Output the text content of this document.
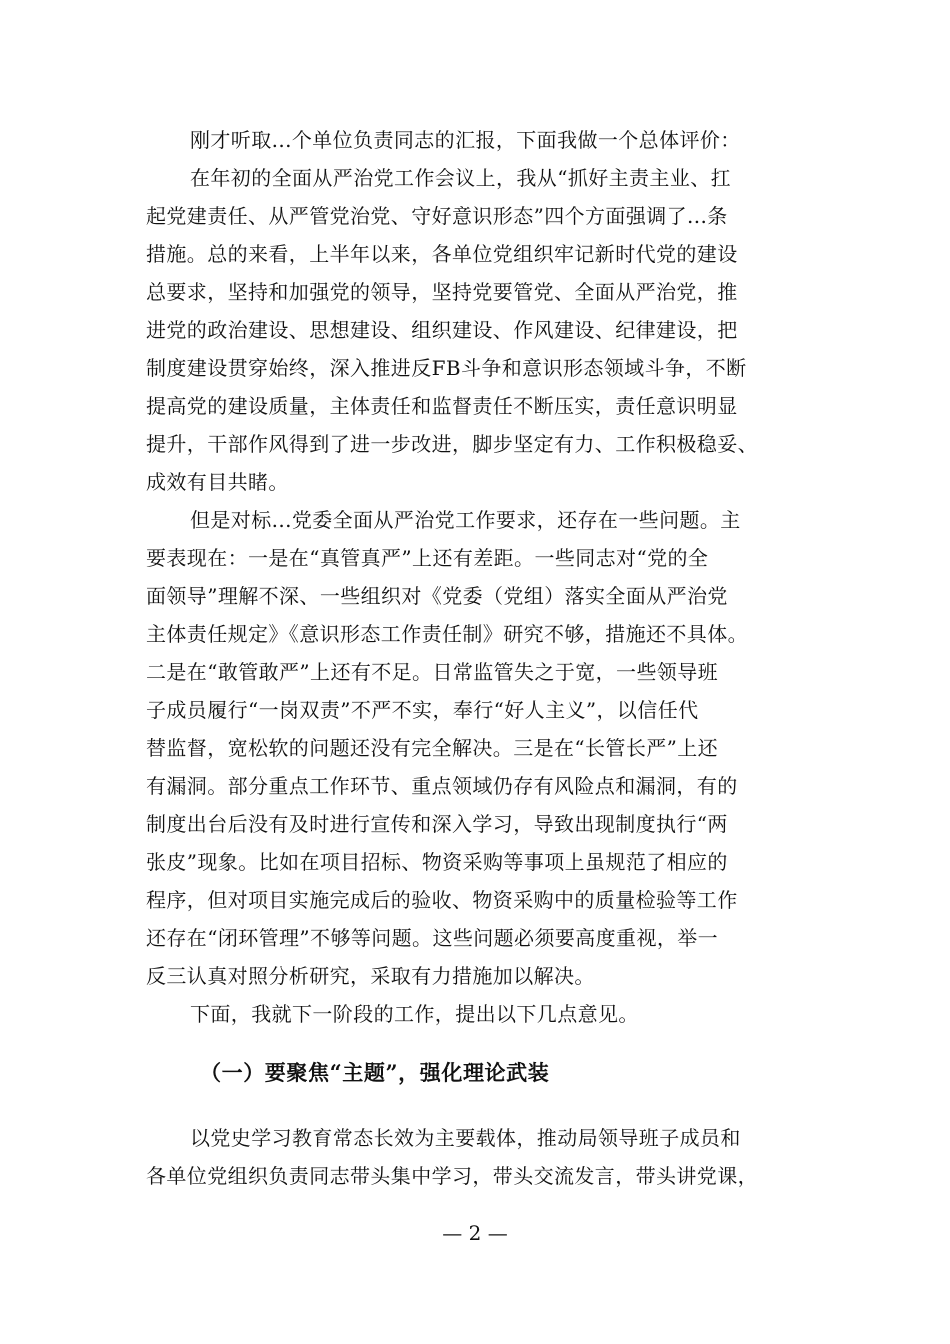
刚才听取...个单位负责同志的汇报，下面我做一个总体评价：
在年初的全面从严治党工作会议上，我从“抓好主责主业、扛
起党建责任、从严管党治党、守好意识形态”四个方面强调了...条
措施。总的来看，上半年以来，各单位党组织牢记新时代党的建设
总要求，坚持和加强党的领导，坚持党要管党、全面从严治党，推
进党的政治建设、思想建设、组织建设、作风建设、纪律建设，把
制度建设贯穿始终，深入推进反FB斗争和意识形态领域斗争，不断
提高党的建设质量，主体责任和监督责任不断压实，责任意识明显
提升，干部作风得到了进一步改进，脚步坚定有力、工作积极稳妥、
成效有目共睹。
但是对标...党委全面从严治党工作要求，还存在一些问题。主
要表现在：一是在“真管真严”上还有差距。一些同志对“党的全
面领导”理解不深、一些组织对《党委（党组）落实全面从严治党
主体责任规定》《意识形态工作责任制》研究不够，措施还不具体。
二是在“敢管敢严”上还有不足。日常监管失之于宽，一些领导班
子成员履行“一岗双责”不严不实，奉行“好人主义”，以信任代
替监督，宽松软的问题还没有完全解决。三是在“长管长严”上还
有漏洞。部分重点工作环节、重点领域仍存有风险点和漏洞，有的
制度出台后没有及时进行宣传和深入学习，导致出现制度执行“两
张皮”现象。比如在项目招标、物资采购等事项上虽规范了相应的
程序，但对项目实施完成后的验收、物资采购中的质量检验等工作
还存在“闭环管理”不够等问题。这些问题必须要高度重视，举一
反三认真对照分析研究，采取有力措施加以解决。
下面，我就下一阶段的工作，提出以下几点意见。
（一）要聚焦“主题”，强化理论武装
以党史学习教育常态长效为主要载体，推动局领导班子成员和
各单位党组织负责同志带头集中学习，带头交流发言，带头讲党课，
— 2 —
